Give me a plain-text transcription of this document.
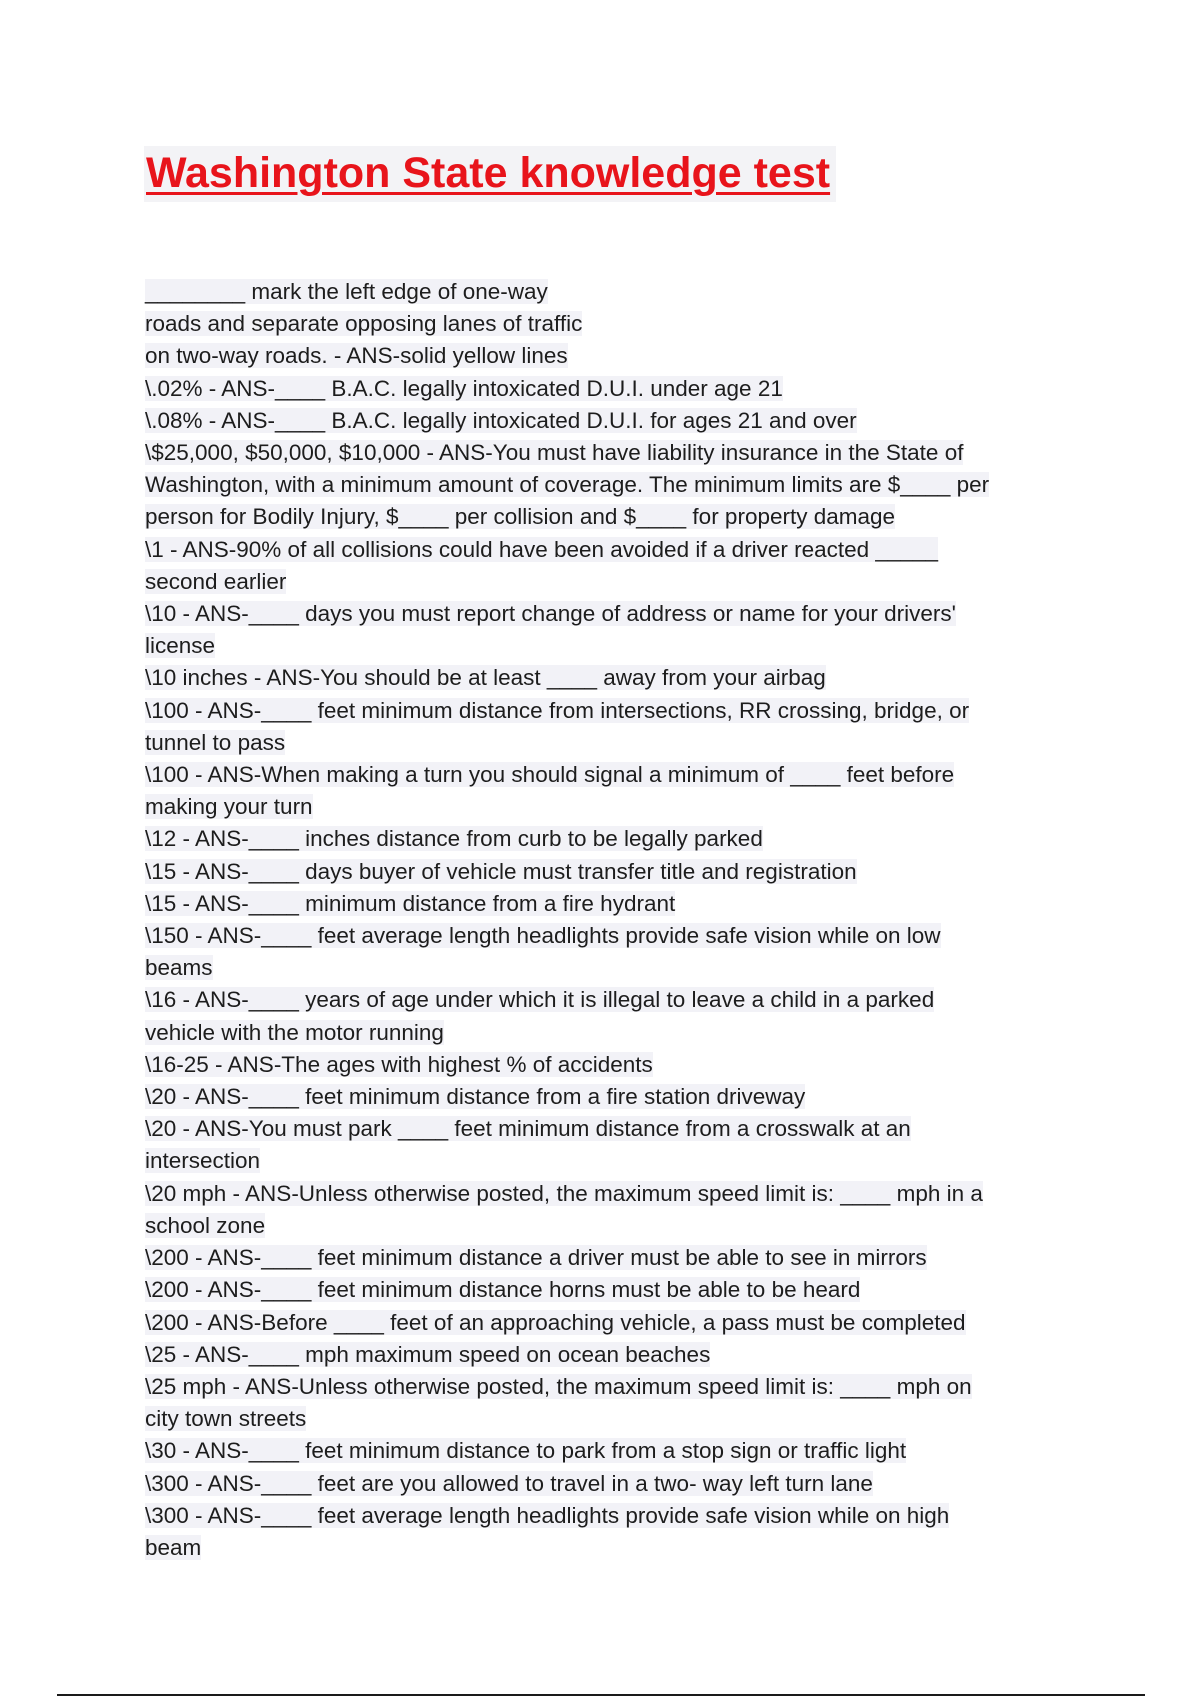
Washington State knowledge test
________ mark the left edge of one-way
roads and separate opposing lanes of traffic
on two-way roads. - ANS-solid yellow lines
\.02% - ANS-____ B.A.C. legally intoxicated D.U.I. under age 21
\.08% - ANS-____ B.A.C. legally intoxicated D.U.I. for ages 21 and over
\$25,000, $50,000, $10,000 - ANS-You must have liability insurance in the State of
Washington, with a minimum amount of coverage. The minimum limits are $____ per
person for Bodily Injury, $____ per collision and $____ for property damage
\1 - ANS-90% of all collisions could have been avoided if a driver reacted _____
second earlier
\10 - ANS-____ days you must report change of address or name for your drivers'
license
\10 inches - ANS-You should be at least ____ away from your airbag
\100 - ANS-____ feet minimum distance from intersections, RR crossing, bridge, or
tunnel to pass
\100 - ANS-When making a turn you should signal a minimum of ____ feet before
making your turn
\12 - ANS-____ inches distance from curb to be legally parked
\15 - ANS-____ days buyer of vehicle must transfer title and registration
\15 - ANS-____ minimum distance from a fire hydrant
\150 - ANS-____ feet average length headlights provide safe vision while on low
beams
\16 - ANS-____ years of age under which it is illegal to leave a child in a parked
vehicle with the motor running
\16-25 - ANS-The ages with highest % of accidents
\20 - ANS-____ feet minimum distance from a fire station driveway
\20 - ANS-You must park ____ feet minimum distance from a crosswalk at an
intersection
\20 mph - ANS-Unless otherwise posted, the maximum speed limit is: ____ mph in a
school zone
\200 - ANS-____ feet minimum distance a driver must be able to see in mirrors
\200 - ANS-____ feet minimum distance horns must be able to be heard
\200 - ANS-Before ____ feet of an approaching vehicle, a pass must be completed
\25 - ANS-____ mph maximum speed on ocean beaches
\25 mph - ANS-Unless otherwise posted, the maximum speed limit is: ____ mph on
city town streets
\30 - ANS-____ feet minimum distance to park from a stop sign or traffic light
\300 - ANS-____ feet are you allowed to travel in a two- way left turn lane
\300 - ANS-____ feet average length headlights provide safe vision while on high
beam
